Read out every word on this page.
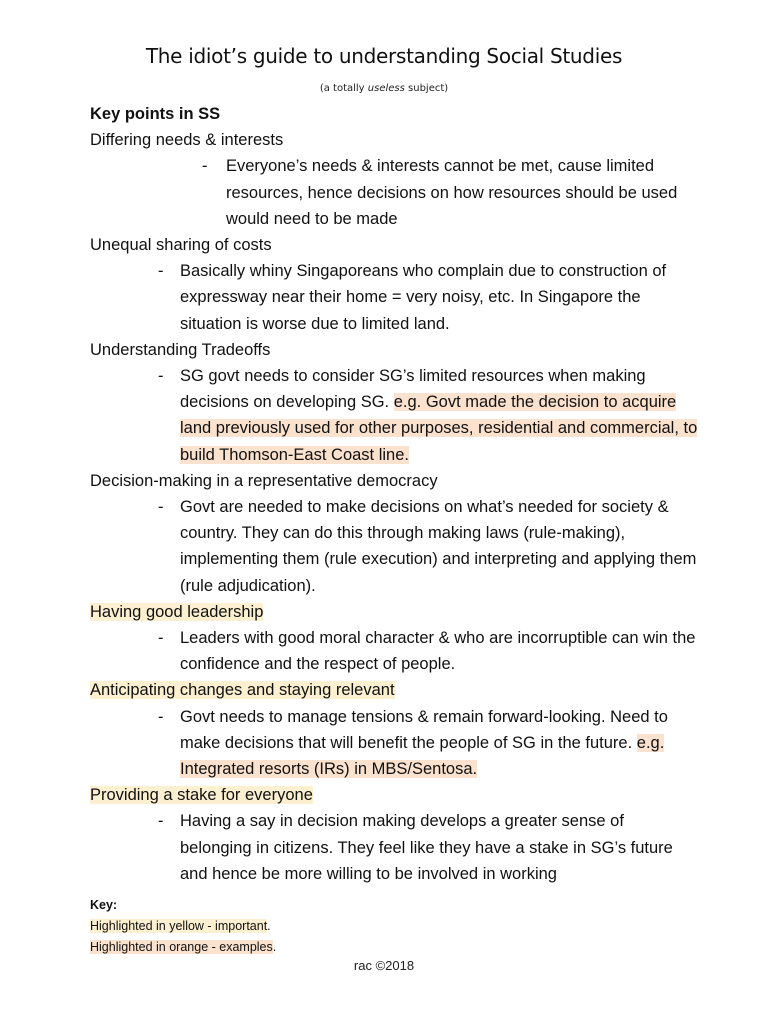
The idiot’s guide to understanding Social Studies
(a totally useless subject)

Key points in SS

Differing needs & interests

- Everyone’s needs & interests cannot be met, cause limited resources, hence decisions on how resources should be used would need to be made

Unequal sharing of costs

- Basically whiny Singaporeans who complain due to construction of expressway near their home = very noisy, etc. In Singapore the situation is worse due to limited land.

Understanding Tradeoffs

- SG govt needs to consider SG’s limited resources when making decisions on developing SG. e.g. Govt made the decision to acquire land previously used for other purposes, residential and commercial, to build Thomson-East Coast line.

Decision-making in a representative democracy

- Govt are needed to make decisions on what’s needed for society & country. They can do this through making laws (rule-making), implementing them (rule execution) and interpreting and applying them (rule adjudication).

Having good leadership

- Leaders with good moral character & who are incorruptible can win the confidence and the respect of people.

Anticipating changes and staying relevant

- Govt needs to manage tensions & remain forward-looking. Need to make decisions that will benefit the people of SG in the future. e.g. Integrated resorts (IRs) in MBS/Sentosa.

Providing a stake for everyone

- Having a say in decision making develops a greater sense of belonging in citizens. They feel like they have a stake in SG’s future and hence be more willing to be involved in working

Key:
Highlighted in yellow - important.
Highlighted in orange - examples.
rac ©2018
